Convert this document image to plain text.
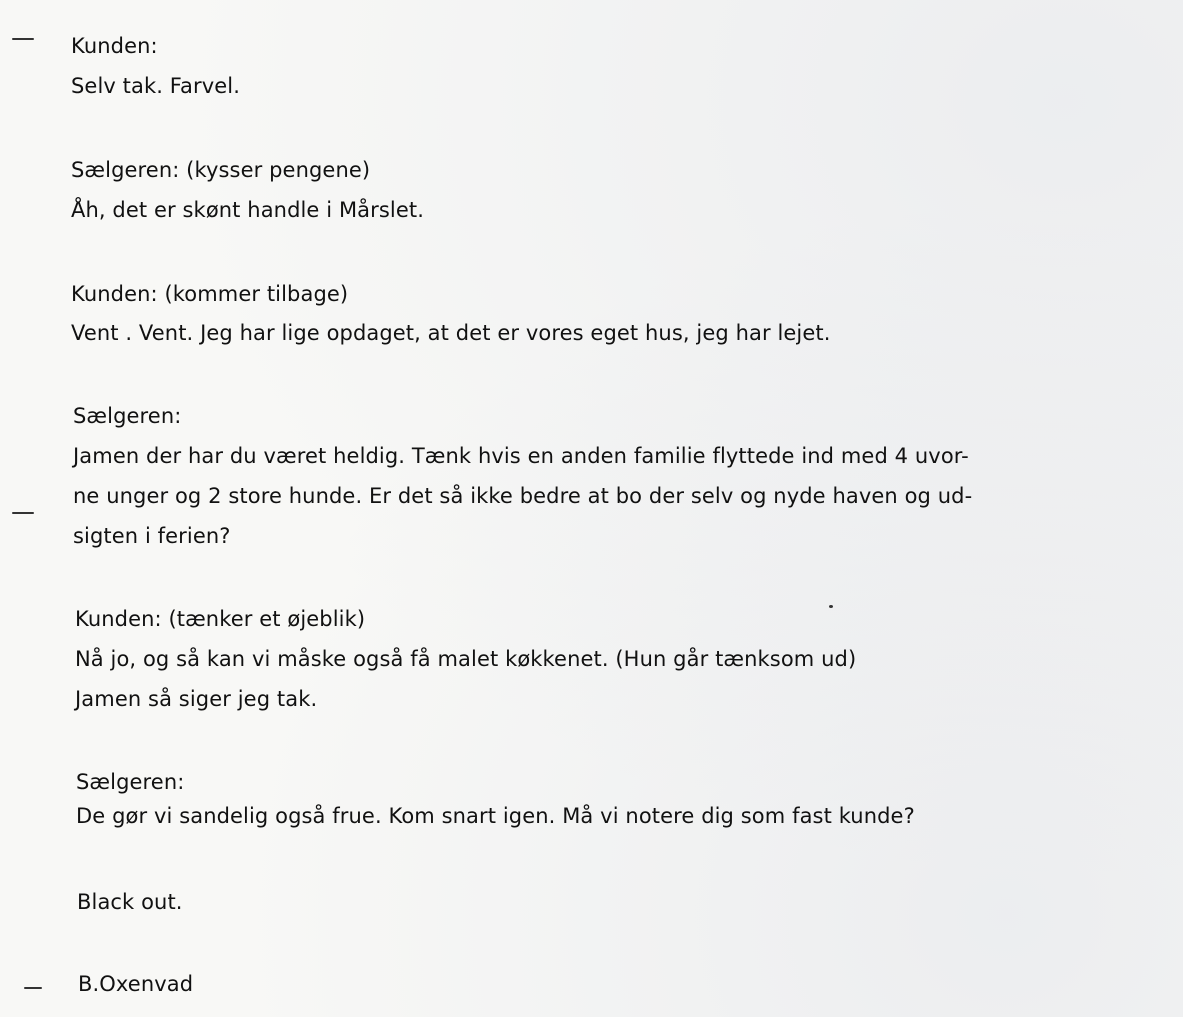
Kunden:
Selv tak. Farvel.
Sælgeren: (kysser pengene)
Åh, det er skønt handle i Mårslet.
Kunden: (kommer tilbage)
Vent . Vent. Jeg har lige opdaget, at det er vores eget hus, jeg har lejet.
Sælgeren:
Jamen der har du været heldig. Tænk hvis en anden familie flyttede ind med 4 uvor-
ne unger og 2 store hunde. Er det så ikke bedre at bo der selv og nyde haven og ud-
sigten i ferien?
Kunden: (tænker et øjeblik)
Nå jo, og så kan vi måske også få malet køkkenet. (Hun går tænksom ud)
Jamen så siger jeg tak.
Sælgeren:
De gør vi sandelig også frue. Kom snart igen. Må vi notere dig som fast kunde?
Black out.
B.Oxenvad
